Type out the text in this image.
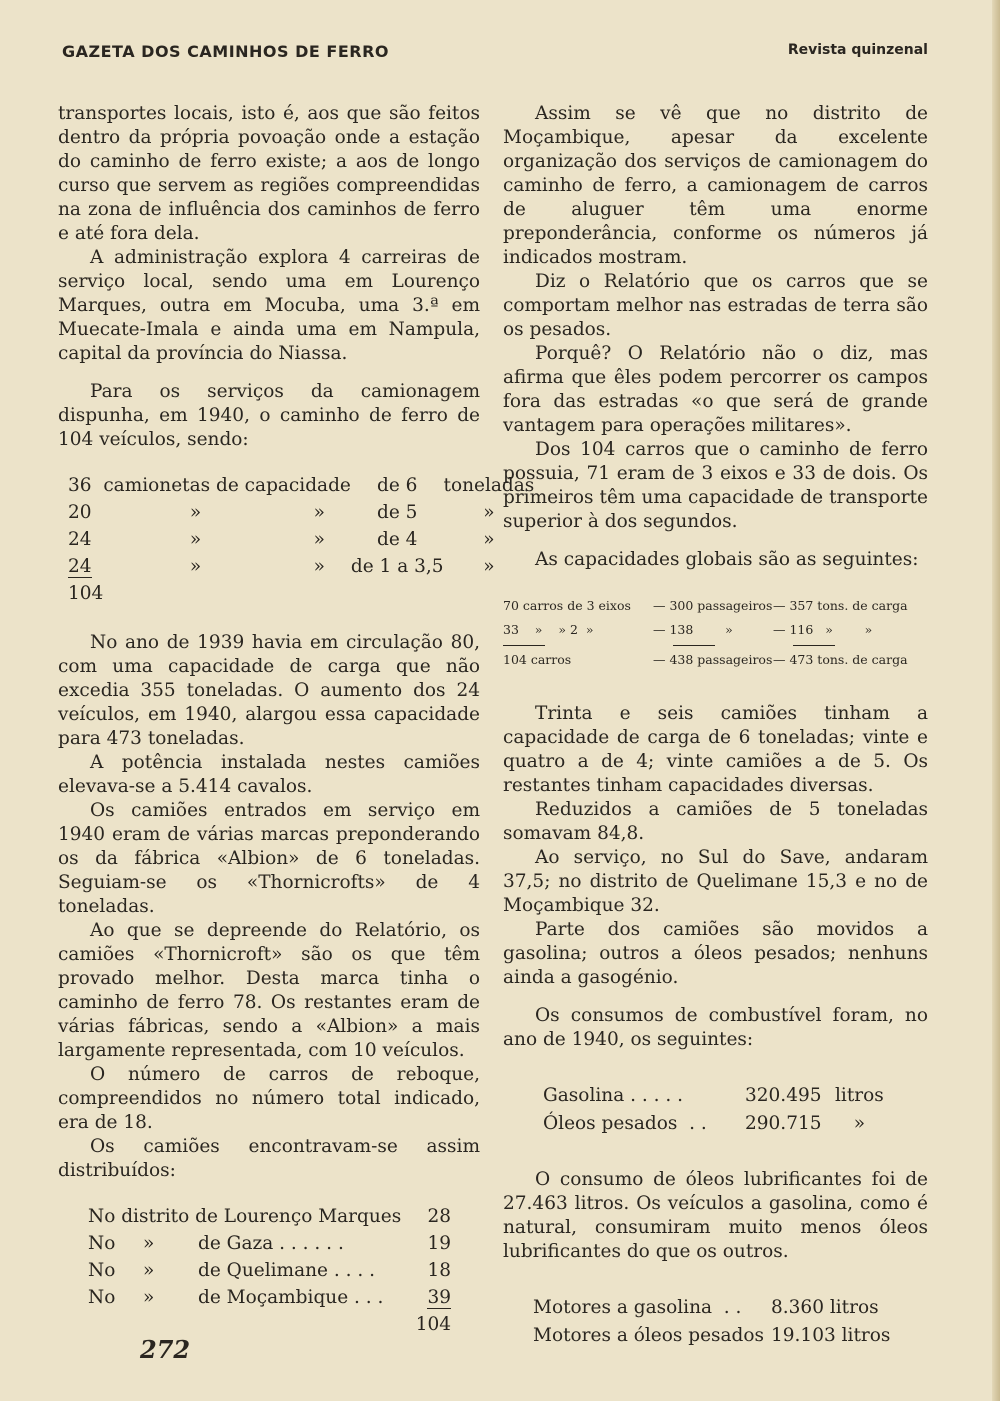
GAZETA DOS CAMINHOS DE FERRO	Revista quinzenal

transportes locais, isto é, aos que são feitos dentro da própria povoação onde a estação do caminho de ferro existe; a aos de longo curso que servem as regiões compreendidas na zona de influência dos caminhos de ferro e até fora dela.

A administração explora 4 carreiras de serviço local, sendo uma em Lourenço Marques, outra em Mocuba, uma 3.ª em Muecate-Imala e ainda uma em Nampula, capital da província do Niassa.

Para os serviços da camionagem dispunha, em 1940, o caminho de ferro de 104 veículos, sendo:

36	camionetas de capacidade		de 6	toneladas
20	»	»	de 5	»
24	»	»	de 4	»
24	»	»	de 1 a 3,5	»
104				

No ano de 1939 havia em circulação 80, com uma capacidade de carga que não excedia 355 toneladas. O aumento dos 24 veículos, em 1940, alargou essa capacidade para 473 toneladas.

A potência instalada nestes camiões elevava-se a 5.414 cavalos.

Os camiões entrados em serviço em 1940 eram de várias marcas preponderando os da fábrica «Albion» de 6 toneladas. Seguiam-se os «Thornicrofts» de 4 toneladas.

Ao que se depreende do Relatório, os camiões «Thornicroft» são os que têm provado melhor. Desta marca tinha o caminho de ferro 78. Os restantes eram de várias fábricas, sendo a «Albion» a mais largamente representada, com 10 veículos.

O número de carros de reboque, compreendidos no número total indicado, era de 18.

Os camiões encontravam-se assim distribuídos:

No distrito de Lourenço Marques			28
No	»	de Gaza . . . . . .	19
No	»	de Quelimane . . . .	18
No	»	de Moçambique . . .	39
			104

Assim se vê que no distrito de Moçambique, apesar da excelente organização dos serviços de camionagem do caminho de ferro, a camionagem de carros de aluguer têm uma enorme preponderância, conforme os números já indicados mostram.

Diz o Relatório que os carros que se comportam melhor nas estradas de terra são os pesados.

Porquê? O Relatório não o diz, mas afirma que êles podem percorrer os campos fora das estradas «o que será de grande vantagem para operações militares».

Dos 104 carros que o caminho de ferro possuia, 71 eram de 3 eixos e 33 de dois. Os primeiros têm uma capacidade de transporte superior à dos segundos.

As capacidades globais são as seguintes:

70 carros de 3 eixos	— 300 passageiros	— 357 tons. de carga
33    »    » 2  »	— 138        »	— 116   »        »

104 carros	— 438 passageiros	— 473 tons. de carga

Trinta e seis camiões tinham a capacidade de carga de 6 toneladas; vinte e quatro a de 4; vinte camiões a de 5. Os restantes tinham capacidades diversas.

Reduzidos a camiões de 5 toneladas somavam 84,8.

Ao serviço, no Sul do Save, andaram 37,5; no distrito de Quelimane 15,3 e no de Moçambique 32.

Parte dos camiões são movidos a gasolina; outros a óleos pesados; nenhuns ainda a gasogénio.

Os consumos de combustível foram, no ano de 1940, os seguintes:

Gasolina . . . . .	320.495	litros
Óleos pesados  . .	290.715	»

O consumo de óleos lubrificantes foi de 27.463 litros. Os veículos a gasolina, como é natural, consumiram muito menos óleos lubrificantes do que os outros.

Motores a gasolina  . .	8.360 litros
Motores a óleos pesados	19.103 litros
272
